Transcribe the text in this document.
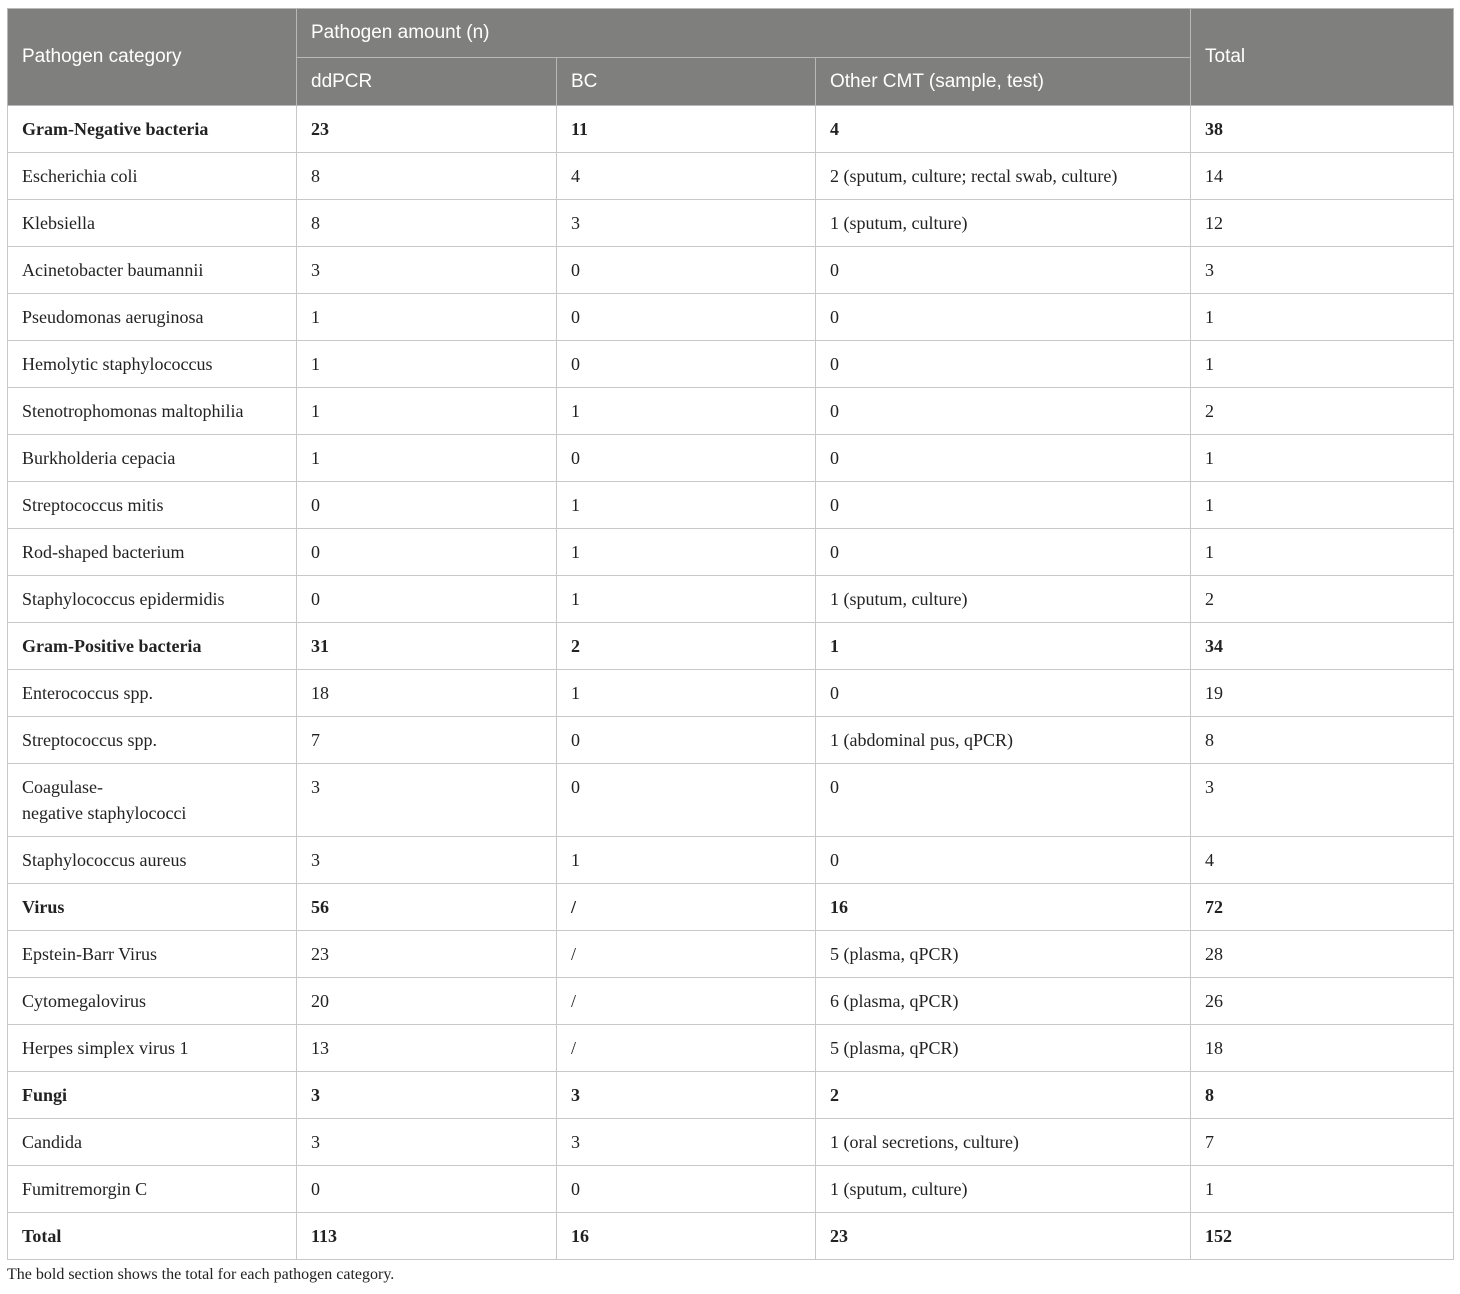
Pathogen category	Pathogen amount (n)			Total
	ddPCR	BC	Other CMT (sample, test)	
Gram-Negative bacteria	23	11	4	38
Escherichia coli	8	4	2 (sputum, culture; rectal swab, culture)	14
Klebsiella	8	3	1 (sputum, culture)	12
Acinetobacter baumannii	3	0	0	3
Pseudomonas aeruginosa	1	0	0	1
Hemolytic staphylococcus	1	0	0	1
Stenotrophomonas maltophilia	1	1	0	2
Burkholderia cepacia	1	0	0	1
Streptococcus mitis	0	1	0	1
Rod-shaped bacterium	0	1	0	1
Staphylococcus epidermidis	0	1	1 (sputum, culture)	2
Gram-Positive bacteria	31	2	1	34
Enterococcus spp.	18	1	0	19
Streptococcus spp.	7	0	1 (abdominal pus, qPCR)	8
Coagulase-
negative staphylococci	3	0	0	3
Staphylococcus aureus	3	1	0	4
Virus	56	/	16	72
Epstein-Barr Virus	23	/	5 (plasma, qPCR)	28
Cytomegalovirus	20	/	6 (plasma, qPCR)	26
Herpes simplex virus 1	13	/	5 (plasma, qPCR)	18
Fungi	3	3	2	8
Candida	3	3	1 (oral secretions, culture)	7
Fumitremorgin C	0	0	1 (sputum, culture)	1
Total	113	16	23	152
The bold section shows the total for each pathogen category.
